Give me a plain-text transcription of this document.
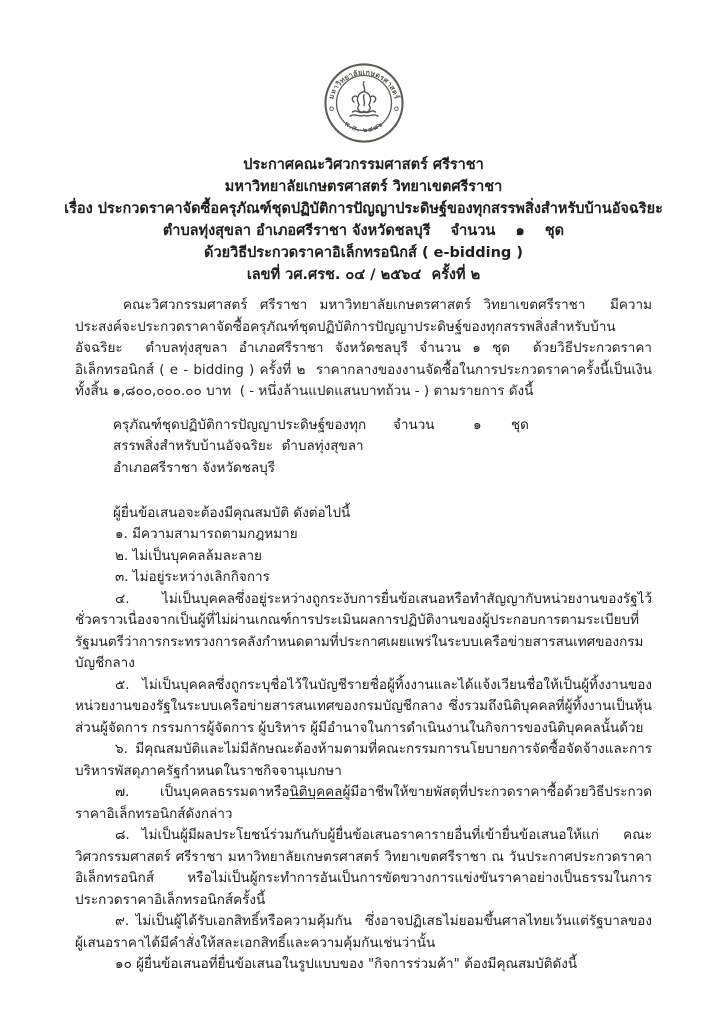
มหาวิทยาลัยเกษตรศาสตร์
พ.ศ. ๒๔๘๖
ประกาศคณะวิศวกรรมศาสตร์ ศรีราชา
มหาวิทยาลัยเกษตรศาสตร์ วิทยาเขตศรีราชา
เรื่อง ประกวดราคาจัดซื้อครุภัณฑ์ชุดปฏิบัติการปัญญาประดิษฐ์ของทุกสรรพสิ่งสำหรับบ้านอัจฉริยะ
ตำบลทุ่งสุขลา อำเภอศรีราชา จังหวัดชลบุรี    จำนวน    ๑    ชุด
ด้วยวิธีประกวดราคาอิเล็กทรอนิกส์ ( e-bidding )
เลขที่ วศ.ศรช. ๐๔ / ๒๕๖๔  ครั้งที่ ๒

คณะวิศวกรรมศาสตร์ ศรีราชา มหาวิทยาลัยเกษตรศาสตร์ วิทยาเขตศรีราชา  มีความประสงค์จะประกวดราคาจัดซื้อครุภัณฑ์ชุดปฏิบัติการปัญญาประดิษฐ์ของทุกสรรพสิ่งสำหรับบ้านอัจฉริยะ  ตำบลทุ่งสุขลา อำเภอศรีราชา จังหวัดชลบุรี จำนวน ๑ ชุด  ด้วยวิธีประกวดราคาอิเล็กทรอนิกส์ ( e - bidding ) ครั้งที่ ๒  ราคากลางของงานจัดซื้อในการประกวดราคาครั้งนี้เป็นเงินทั้งสิ้น ๑,๘๐๐,๐๐๐.๐๐ บาท  ( - หนึ่งล้านแปดแสนบาทถ้วน - ) ตามรายการ ดังนี้

ครุภัณฑ์ชุดปฏิบัติการปัญญาประดิษฐ์ของทุกสรรพสิ่งสำหรับบ้านอัจฉริยะ  ตำบลทุ่งสุขลา อำเภอศรีราชา จังหวัดชลบุรี
จำนวน	๑ ชุด

ผู้ยื่นข้อเสนอจะต้องมีคุณสมบัติ ดังต่อไปนี้

๑. มีความสามารถตามกฎหมาย

๒. ไม่เป็นบุคคลล้มละลาย

๓. ไม่อยู่ระหว่างเลิกกิจการ

๔. ไม่เป็นบุคคลซึ่งอยู่ระหว่างถูกระงับการยื่นข้อเสนอหรือทำสัญญากับหน่วยงานของรัฐไว้ชั่วคราวเนื่องจากเป็นผู้ที่ไม่ผ่านเกณฑ์การประเมินผลการปฏิบัติงานของผู้ประกอบการตามระเบียบที่รัฐมนตรีว่าการกระทรวงการคลังกำหนดตามที่ประกาศเผยแพร่ในระบบเครือข่ายสารสนเทศของกรมบัญชีกลาง

๕. ไม่เป็นบุคคลซึ่งถูกระบุชื่อไว้ในบัญชีรายชื่อผู้ทิ้งงานและได้แจ้งเวียนชื่อให้เป็นผู้ทิ้งงานของหน่วยงานของรัฐในระบบเครือข่ายสารสนเทศของกรมบัญชีกลาง ซึ่งรวมถึงนิติบุคคลที่ผู้ทิ้งงานเป็นหุ้นส่วนผู้จัดการ กรรมการผู้จัดการ ผู้บริหาร ผู้มีอำนาจในการดำเนินงานในกิจการของนิติบุคคลนั้นด้วย

๖. มีคุณสมบัติและไม่มีลักษณะต้องห้ามตามที่คณะกรรมการนโยบายการจัดซื้อจัดจ้างและการบริหารพัสดุภาครัฐกำหนดในราชกิจจานุเบกษา

๗. เป็นบุคคลธรรมดาหรือนิติบุคคลผู้มีอาชีพให้ขายพัสดุที่ประกวดราคาซื้อด้วยวิธีประกวดราคาอิเล็กทรอนิกส์ดังกล่าว

๘. ไม่เป็นผู้มีผลประโยชน์ร่วมกันกับผู้ยื่นข้อเสนอราคารายอื่นที่เข้ายื่นข้อเสนอให้แก่  คณะวิศวกรรมศาสตร์ ศรีราชา มหาวิทยาลัยเกษตรศาสตร์ วิทยาเขตศรีราชา ณ วันประกาศประกวดราคาอิเล็กทรอนิกส์ หรือไม่เป็นผู้กระทำการอันเป็นการขัดขวางการแข่งขันราคาอย่างเป็นธรรมในการประกวดราคาอิเล็กทรอนิกส์ครั้งนี้

๙. ไม่เป็นผู้ได้รับเอกสิทธิ์หรือความคุ้มกัน  ซึ่งอาจปฏิเสธไม่ยอมขึ้นศาลไทยเว้นแต่รัฐบาลของผู้เสนอราคาได้มีคำสั่งให้สละเอกสิทธิ์และความคุ้มกันเช่นว่านั้น

๑๐ ผู้ยื่นข้อเสนอที่ยื่นข้อเสนอในรูปแบบของ "กิจการร่วมค้า" ต้องมีคุณสมบัติดังนี้
